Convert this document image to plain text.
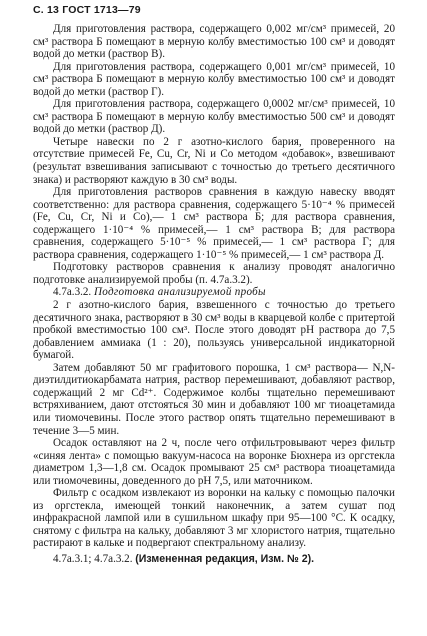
С. 13 ГОСТ 1713—79

Для приготовления раствора, содержащего 0,002 мг/см³ примесей, 20 см³ раствора Б помещают в мерную колбу вместимостью 100 см³ и доводят водой до метки (раствор В).

Для приготовления раствора, содержащего 0,001 мг/см³ примесей, 10 см³ раствора Б помещают в мерную колбу вместимостью 100 см³ и доводят водой до метки (раствор Г).

Для приготовления раствора, содержащего 0,0002 мг/см³ примесей, 10 см³ раствора Б помещают в мерную колбу вместимостью 500 см³ и доводят водой до метки (раствор Д).

Четыре навески по 2 г азотно-кислого бария, проверенного на отсутствие примесей Fe, Cu, Cr, Ni и Co методом «добавок», взвешивают (результат взвешивания записывают с точностью до третьего десятичного знака) и растворяют каждую в 30 см³ воды.

Для приготовления растворов сравнения в каждую навеску вводят соответственно: для раствора сравнения, содержащего 5·10⁻⁴ % примесей (Fe, Cu, Cr, Ni и Co),— 1 см³ раствора Б; для раствора сравнения, содержащего 1·10⁻⁴ % примесей,— 1 см³ раствора В; для раствора сравнения, содержащего 5·10⁻⁵ % примесей,— 1 см³ раствора Г; для раствора сравнения, содержащего 1·10⁻⁵ % примесей,— 1 см³ раствора Д.

Подготовку растворов сравнения к анализу проводят аналогично подготовке анализируемой пробы (п. 4.7а.3.2).

4.7а.3.2. Подготовка анализируемой пробы

2 г азотно-кислого бария, взвешенного с точностью до третьего десятичного знака, растворяют в 30 см³ воды в кварцевой колбе с притертой пробкой вместимостью 100 см³. После этого доводят рН раствора до 7,5 добавлением аммиака (1 : 20), пользуясь универсальной индикаторной бумагой.

Затем добавляют 50 мг графитового порошка, 1 см³ раствора— N,N-диэтилдитиокарбамата натрия, раствор перемешивают, добавляют раствор, содержащий 2 мг Cd²⁺. Содержимое колбы тщательно перемешивают встряхиванием, дают отстояться 30 мин и добавляют 100 мг тиоацетамида или тиомочевины. После этого раствор опять тщательно перемешивают в течение 3—5 мин.

Осадок оставляют на 2 ч, после чего отфильтровывают через фильтр «синяя лента» с помощью вакуум-насоса на воронке Бюхнера из оргстекла диаметром 1,3—1,8 см. Осадок промывают 25 см³ раствора тиоацетамида или тиомочевины, доведенного до рН 7,5, или маточником.

Фильтр с осадком извлекают из воронки на кальку с помощью палочки из оргстекла, имеющей тонкий наконечник, а затем сушат под инфракрасной лампой или в сушильном шкафу при 95—100 °С. К осадку, снятому с фильтра на кальку, добавляют 3 мг хлористого натрия, тщательно растирают в кальке и подвергают спектральному анализу.

4.7а.3.1; 4.7а.3.2. (Измененная редакция, Изм. № 2).
